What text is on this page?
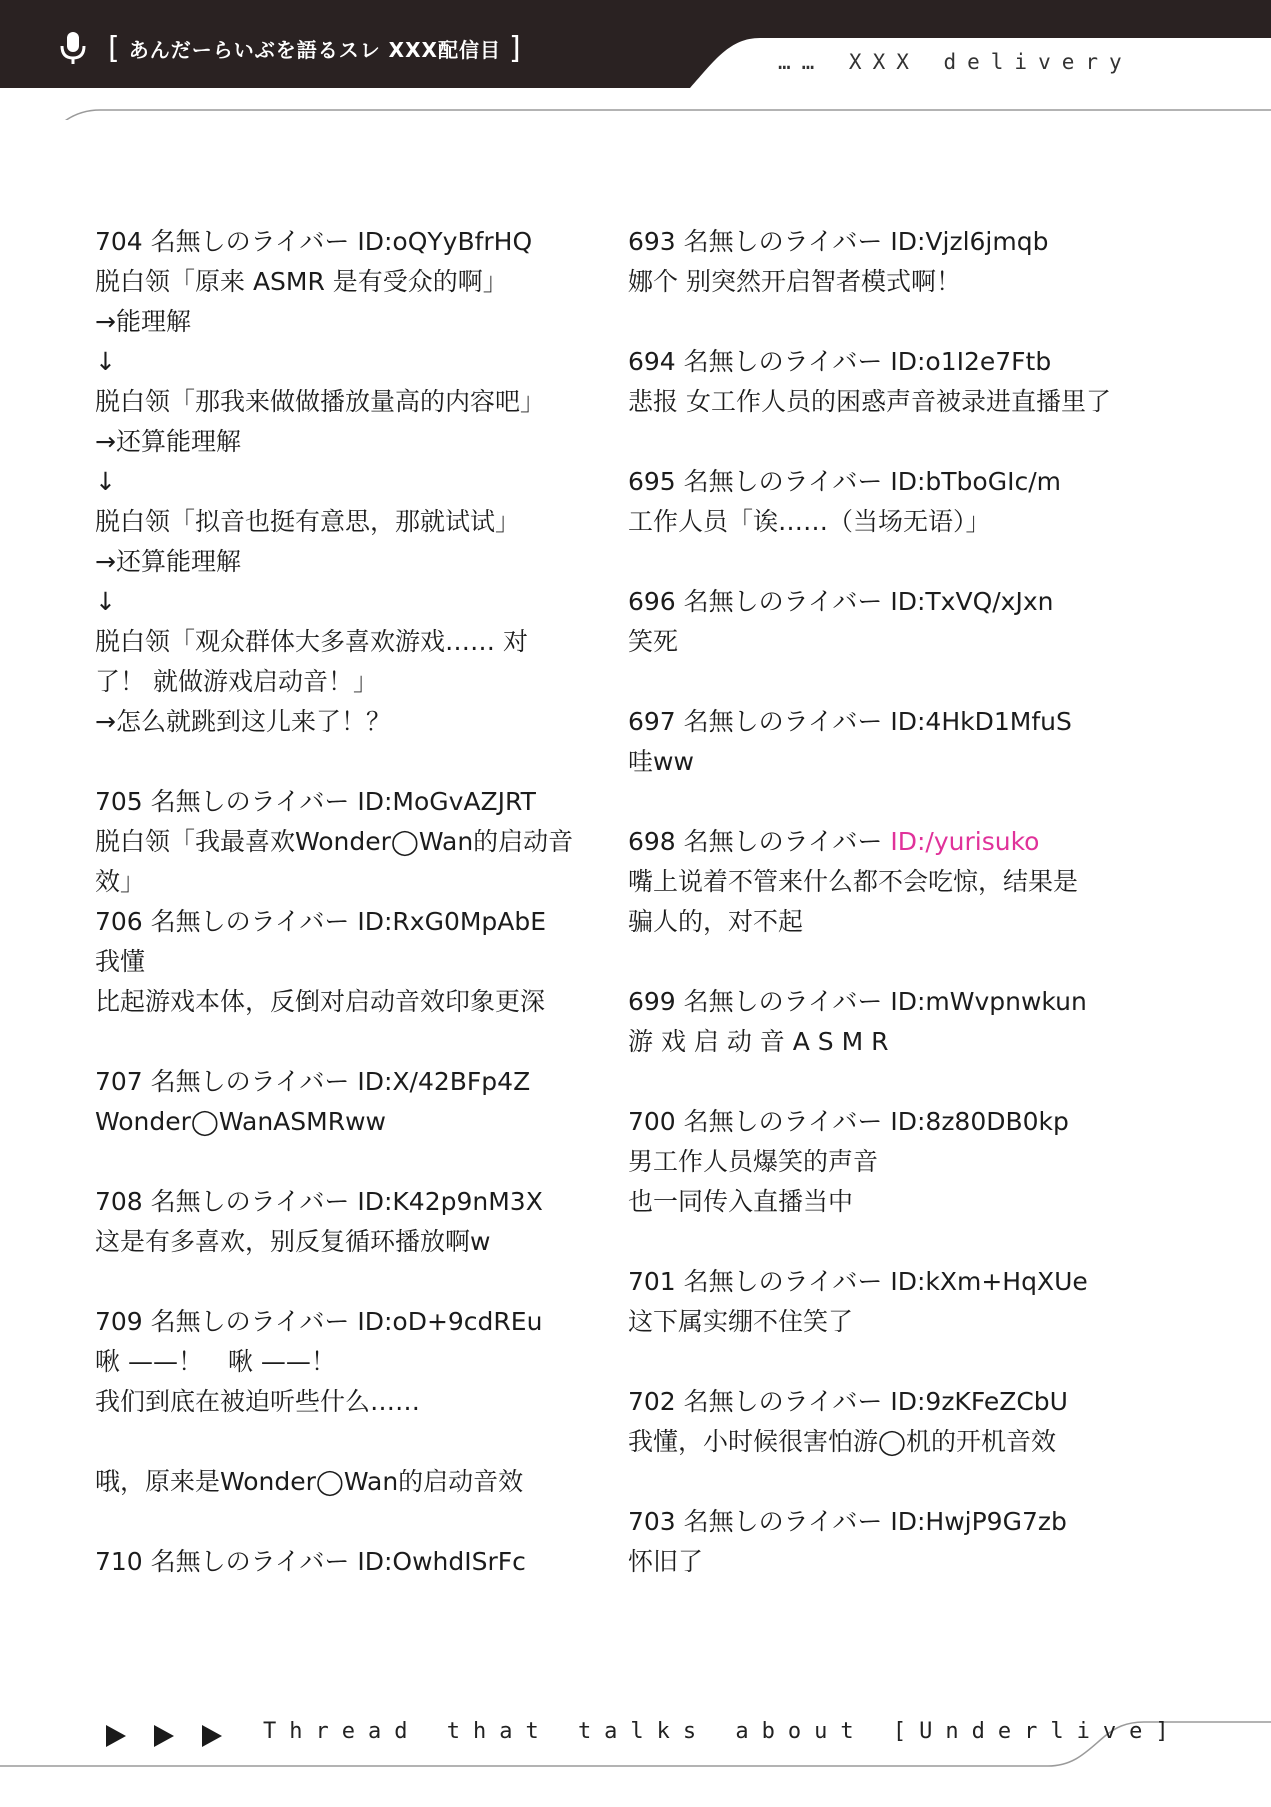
[ あんだーらいぶを語るスレ XXX配信目 ]	…… XXX delivery
704 名無しのライバー ID:oQYyBfrHQ
脱白领「原来 ASMR 是有受众的啊」
→能理解
↓
脱白领「那我来做做播放量高的内容吧」
→还算能理解
↓
脱白领「拟音也挺有意思，那就试试」
→还算能理解
↓
脱白领「观众群体大多喜欢游戏…… 对了！ 就做游戏启动音！」
→怎么就跳到这儿来了！？
705 名無しのライバー ID:MoGvAZJRT
脱白领「我最喜欢Wonder◯Wan的启动音效」
706 名無しのライバー ID:RxG0MpAbE
我懂
比起游戏本体，反倒对启动音效印象更深
707 名無しのライバー ID:X/42BFp4Z
Wonder◯WanASMRww
708 名無しのライバー ID:K42p9nM3X
这是有多喜欢，别反复循环播放啊w
709 名無しのライバー ID:oD+9cdREu
啾 ——！　啾 ——！
我们到底在被迫听些什么……
哦，原来是Wonder◯Wan的启动音效
710 名無しのライバー ID:OwhdISrFc
693 名無しのライバー ID:Vjzl6jmqb
娜个 别突然开启智者模式啊！
694 名無しのライバー ID:o1I2e7Ftb
悲报 女工作人员的困惑声音被录进直播里了
695 名無しのライバー ID:bTboGIc/m
工作人员「诶……（当场无语）」
696 名無しのライバー ID:TxVQ/xJxn
笑死
697 名無しのライバー ID:4HkD1MfuS
哇ww
698 名無しのライバー ID:/yurisuko
嘴上说着不管来什么都不会吃惊，结果是骗人的，对不起
699 名無しのライバー ID:mWvpnwkun
游 戏 启 动 音 A S M R
700 名無しのライバー ID:8z80DB0kp
男工作人员爆笑的声音
也一同传入直播当中
701 名無しのライバー ID:kXm+HqXUe
这下属实绷不住笑了
702 名無しのライバー ID:9zKFeZCbU
我懂，小时候很害怕游◯机的开机音效
703 名無しのライバー ID:HwjP9G7zb
怀旧了
Thread that talks about [Underlive]
